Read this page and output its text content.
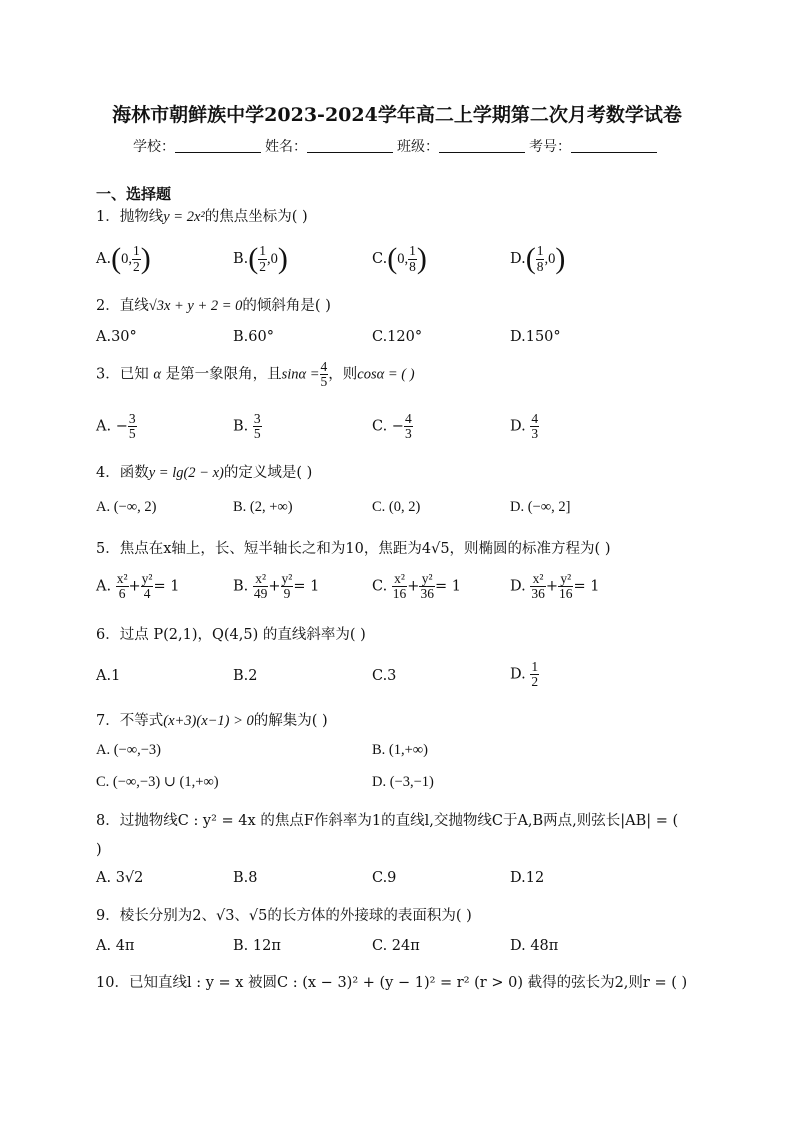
海林市朝鲜族中学2023-2024学年高二上学期第二次月考数学试卷
学校：	姓名：	班级：	考号：
一、选择题
1．抛物线y = 2x²的焦点坐标为( )
A.(0, $\frac{1}{2}$ )	$B.( \frac{1}{2} ,0)$	C.(0, $\frac{1}{8}$ )	$D.( \frac{1}{8} ,0)$
2．直线√3x + y + 2 = 0的倾斜角是( )
A.30°	B.60°	C.120°	D.150°
3．已知 α 是第一象限角，且$\sin\alpha = \frac{4}{5}$ ，则cosα = ( )
A. − $\frac{3}{5}$	B. $\frac{3}{5}$	C. − $\frac{4}{3}$	D. $\frac{4}{3}$
4．函数y = lg(2 − x)的定义域是( )
A. (−∞, 2)	B. (2, +∞)	C. (0, 2)	D. (−∞, 2]
5．焦点在x轴上，长、短半轴长之和为10，焦距为4√5，则椭圆的标准方程为( )
A. $\frac{\text{x²}}{6} + \frac{\text{y²}}{4} = 1$	B. $\frac{\text{x²}}{49} + \frac{\text{y²}}{9} = 1$	C. $\frac{\text{x²}}{16} + \frac{\text{y²}}{36} = 1$	D. $\frac{\text{x²}}{36} + \frac{\text{y²}}{16} = 1$
6．过点 P(2,1)，Q(4,5) 的直线斜率为( )
A.1	B.2	C.3	D. $\frac{1}{2}$
7．不等式(x+3)(x−1) > 0的解集为( )
A. (−∞,−3)	B. (1,+∞)
C. (−∞,−3) ∪ (1,+∞)	D. (−3,−1)
8．过抛物线C : y² = 4x 的焦点F作斜率为1的直线l,交抛物线C于A,B两点,则弦长|AB| = (
)
A. 3√2	B.8	C.9	D.12
9．棱长分别为2、√3、√5的长方体的外接球的表面积为( )
A. 4π	B. 12π	C. 24π	D. 48π
10．已知直线l : y = x 被圆C : (x − 3)² + (y − 1)² = r² (r > 0) 截得的弦长为2,则r = ( )
